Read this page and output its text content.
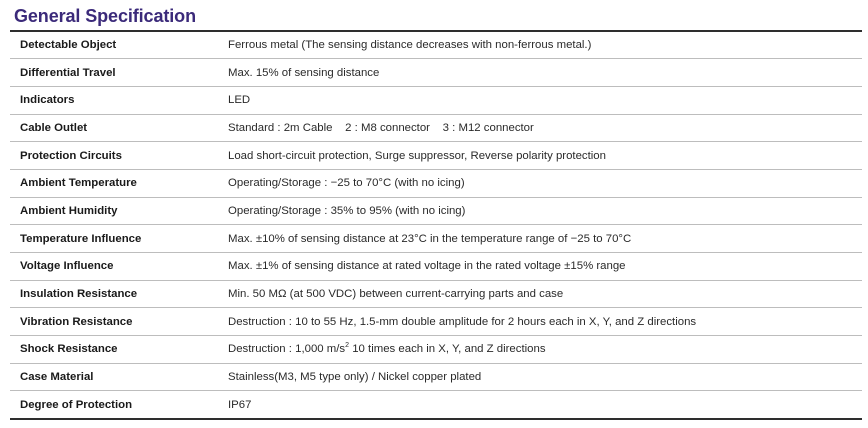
General Specification
Detectable Object	Ferrous metal (The sensing distance decreases with non-ferrous metal.)
Differential Travel	Max. 15% of sensing distance
Indicators	LED
Cable Outlet	Standard : 2m Cable    2 : M8 connector    3 : M12 connector
Protection Circuits	Load short-circuit protection, Surge suppressor, Reverse polarity protection
Ambient Temperature	Operating/Storage : −25 to 70°C (with no icing)
Ambient Humidity	Operating/Storage : 35% to 95% (with no icing)
Temperature Influence	Max. ±10% of sensing distance at 23°C in the temperature range of −25 to 70°C
Voltage Influence	Max. ±1% of sensing distance at rated voltage in the rated voltage ±15% range
Insulation Resistance	Min. 50 MΩ (at 500 VDC) between current-carrying parts and case
Vibration Resistance	Destruction : 10 to 55 Hz, 1.5-mm double amplitude for 2 hours each in X, Y, and Z directions
Shock Resistance	Destruction : 1,000 $m/s^2$ 10 times each in X, Y, and Z directions
Case Material	Stainless(M3, M5 type only) / Nickel copper plated
Degree of Protection	IP67
